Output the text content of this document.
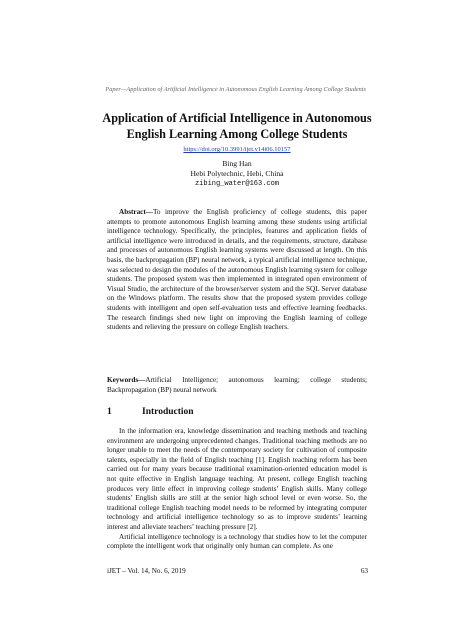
Paper—Application of Artificial Intelligence in Autonomous English Learning Among College Students
Application of Artificial Intelligence in Autonomous
English Learning Among College Students
https://doi.org/10.3991/ijet.v14i06.10157
Bing Han
Hebi Polytechnic, Hebi, China
zibing_water@163.com
Abstract—To improve the English proficiency of college students, this paper attempts to promote autonomous English learning among these students using artificial intelligence technology. Specifically, the principles, features and application fields of artificial intelligence were introduced in details, and the requirements, structure, database and processes of autonomous English learning systems were discussed at length. On this basis, the backpropagation (BP) neural network, a typical artificial intelligence technique, was selected to design the modules of the autonomous English learning system for college students. The proposed system was then implemented in integrated open environment of Visual Studio, the architecture of the browser/server system and the SQL Server database on the Windows platform. The results show that the proposed system provides college students with intelligent and open self-evaluation tests and effective learning feedbacks. The research findings shed new light on improving the English learning of college students and relieving the pressure on college English teachers.
Keywords—Artificial Intelligence; autonomous learning; college students; Backpropagation (BP) neural network
1	Introduction

In the information era, knowledge dissemination and teaching methods and teaching environment are undergoing unprecedented changes. Traditional teaching methods are no longer unable to meet the needs of the contemporary society for cultivation of composite talents, especially in the field of English teaching [1]. English teaching reform has been carried out for many years because traditional examination-oriented education model is not quite effective in English language teaching. At present, college English teaching produces very little effect in improving college students’ English skills. Many college students’ English skills are still at the senior high school level or even worse. So, the traditional college English teaching model needs to be reformed by integrating computer technology and artificial intelligence technology so as to improve students’ learning interest and alleviate teachers’ teaching pressure [2].

Artificial intelligence technology is a technology that studies how to let the computer complete the intelligent work that originally only human can complete. As one

iJET ‒ Vol. 14, No. 6, 2019	63
